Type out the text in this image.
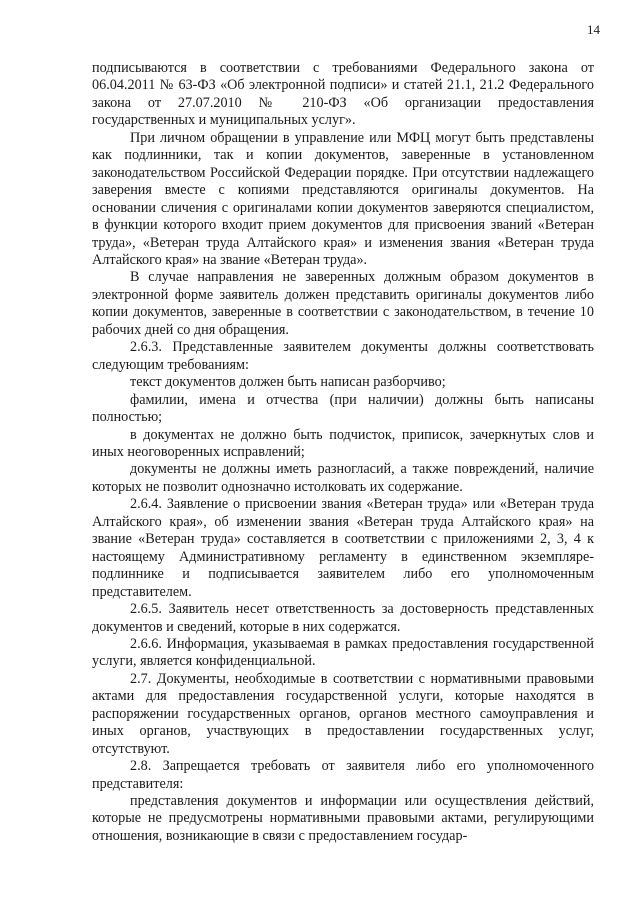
14

подписываются в соответствии с требованиями Федерального закона от 06.04.2011 № 63-ФЗ «Об электронной подписи» и статей 21.1, 21.2 Федерального закона от 27.07.2010 № 210-ФЗ «Об организации предоставления государственных и муниципальных услуг».

При личном обращении в управление или МФЦ могут быть представлены как подлинники, так и копии документов, заверенные в установленном законодательством Российской Федерации порядке. При отсутствии надлежащего заверения вместе с копиями представляются оригиналы документов. На основании сличения с оригиналами копии документов заверяются специалистом, в функции которого входит прием документов для присвоения званий «Ветеран труда», «Ветеран труда Алтайского края» и изменения звания «Ветеран труда Алтайского края» на звание «Ветеран труда».

В случае направления не заверенных должным образом документов в электронной форме заявитель должен представить оригиналы документов либо копии документов, заверенные в соответствии с законодательством, в течение 10 рабочих дней со дня обращения.

2.6.3. Представленные заявителем документы должны соответствовать следующим требованиям:

текст документов должен быть написан разборчиво;

фамилии, имена и отчества (при наличии) должны быть написаны полностью;

в документах не должно быть подчисток, приписок, зачеркнутых слов и иных неоговоренных исправлений;

документы не должны иметь разногласий, а также повреждений, наличие которых не позволит однозначно истолковать их содержание.

2.6.4. Заявление о присвоении звания «Ветеран труда» или «Ветеран труда Алтайского края», об изменении звания «Ветеран труда Алтайского края» на звание «Ветеран труда» составляется в соответствии с приложениями 2, 3, 4 к настоящему Административному регламенту в единственном экземпляре-подлиннике и подписывается заявителем либо его уполномоченным представителем.

2.6.5. Заявитель несет ответственность за достоверность представленных документов и сведений, которые в них содержатся.

2.6.6. Информация, указываемая в рамках предоставления государственной услуги, является конфиденциальной.

2.7. Документы, необходимые в соответствии с нормативными правовыми актами для предоставления государственной услуги, которые находятся в распоряжении государственных органов, органов местного самоуправления и иных органов, участвующих в предоставлении государственных услуг, отсутствуют.

2.8. Запрещается требовать от заявителя либо его уполномоченного представителя:

представления документов и информации или осуществления действий, которые не предусмотрены нормативными правовыми актами, регулирующими отношения, возникающие в связи с предоставлением государ-
